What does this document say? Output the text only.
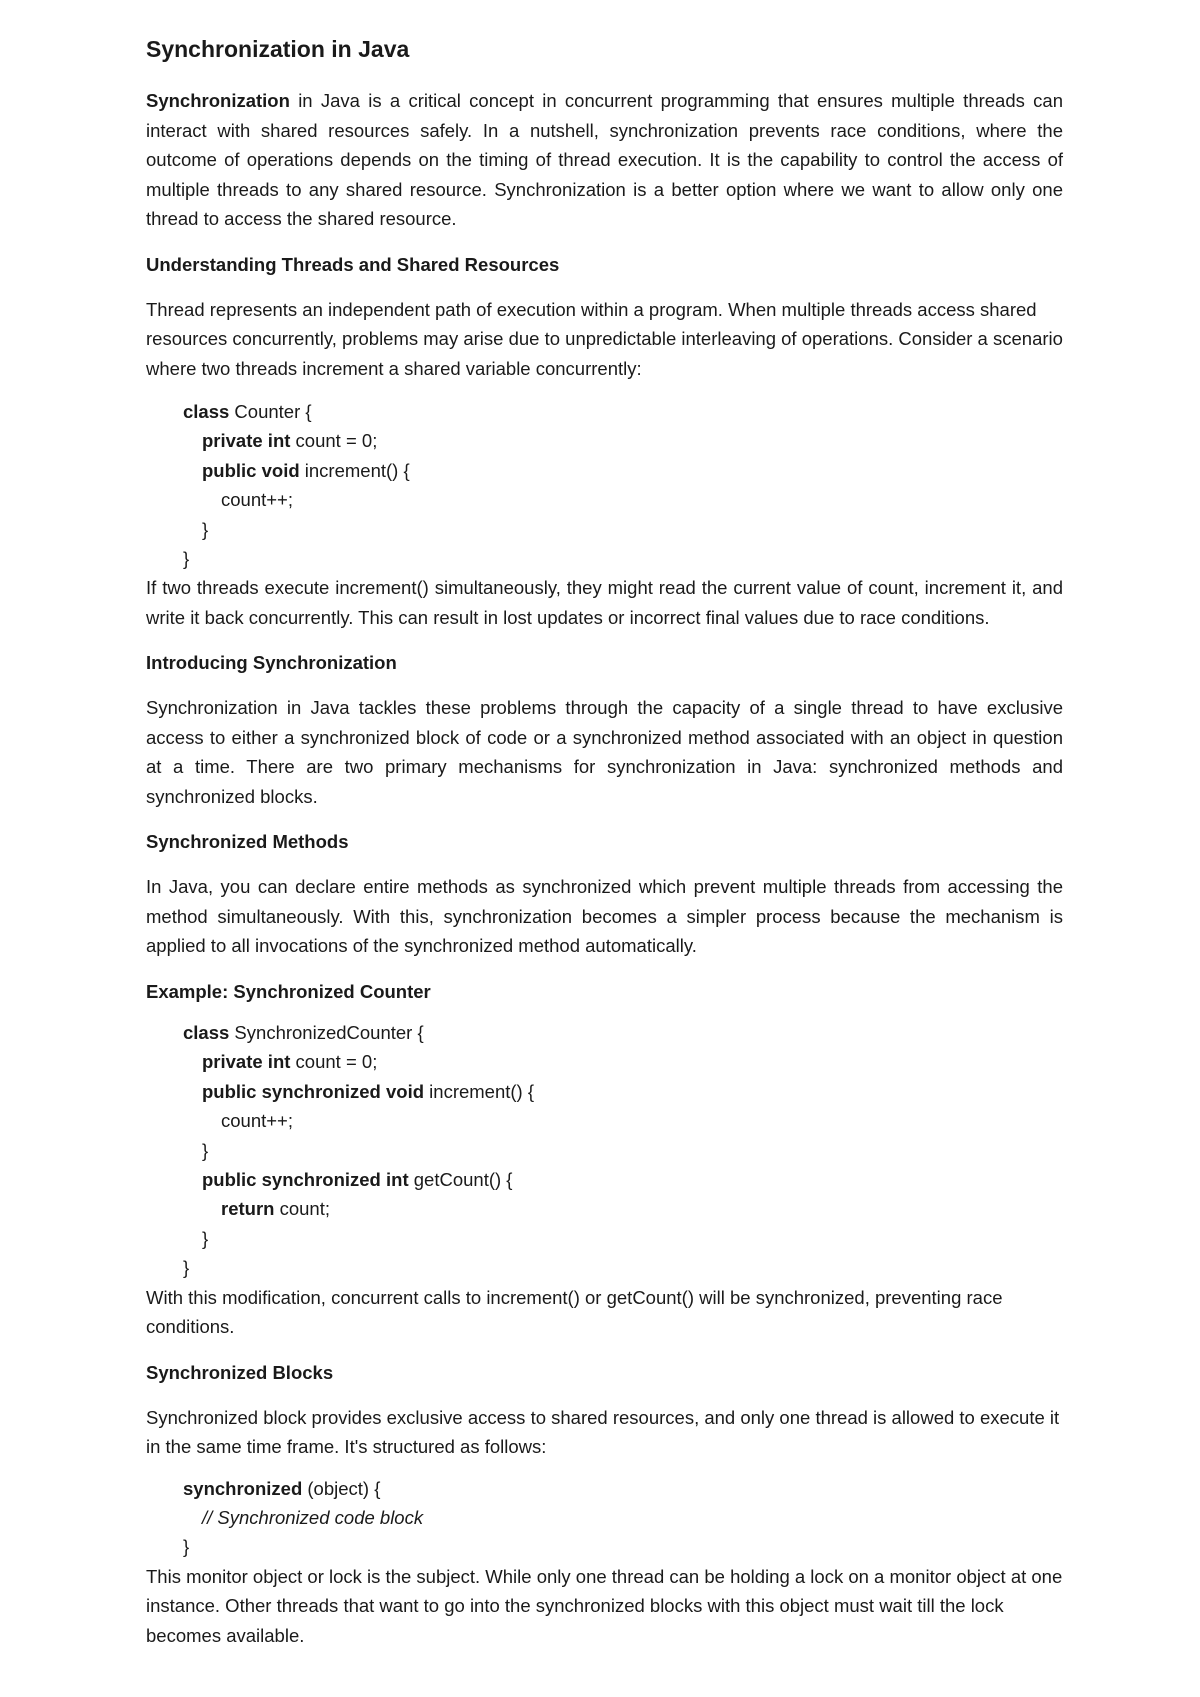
Synchronization in Java

Synchronization in Java is a critical concept in concurrent programming that ensures multiple threads can interact with shared resources safely. In a nutshell, synchronization prevents race conditions, where the outcome of operations depends on the timing of thread execution. It is the capability to control the access of multiple threads to any shared resource. Synchronization is a better option where we want to allow only one thread to access the shared resource.

Understanding Threads and Shared Resources

Thread represents an independent path of execution within a program. When multiple threads access shared resources concurrently, problems may arise due to unpredictable interleaving of operations. Consider a scenario where two threads increment a shared variable concurrently:

class Counter {
private int count = 0;
public void increment() {
count++;
}
}

If two threads execute increment() simultaneously, they might read the current value of count, increment it, and write it back concurrently. This can result in lost updates or incorrect final values due to race conditions.

Introducing Synchronization

Synchronization in Java tackles these problems through the capacity of a single thread to have exclusive access to either a synchronized block of code or a synchronized method associated with an object in question at a time. There are two primary mechanisms for synchronization in Java: synchronized methods and synchronized blocks.

Synchronized Methods

In Java, you can declare entire methods as synchronized which prevent multiple threads from accessing the method simultaneously. With this, synchronization becomes a simpler process because the mechanism is applied to all invocations of the synchronized method automatically.

Example: Synchronized Counter
class SynchronizedCounter {
private int count = 0;
public synchronized void increment() {
count++;
}
public synchronized int getCount() {
return count;
}
}

With this modification, concurrent calls to increment() or getCount() will be synchronized, preventing race conditions.

Synchronized Blocks

Synchronized block provides exclusive access to shared resources, and only one thread is allowed to execute it in the same time frame. It's structured as follows:

synchronized (object) {
// Synchronized code block
}

This monitor object or lock is the subject. While only one thread can be holding a lock on a monitor object at one instance. Other threads that want to go into the synchronized blocks with this object must wait till the lock becomes available.
